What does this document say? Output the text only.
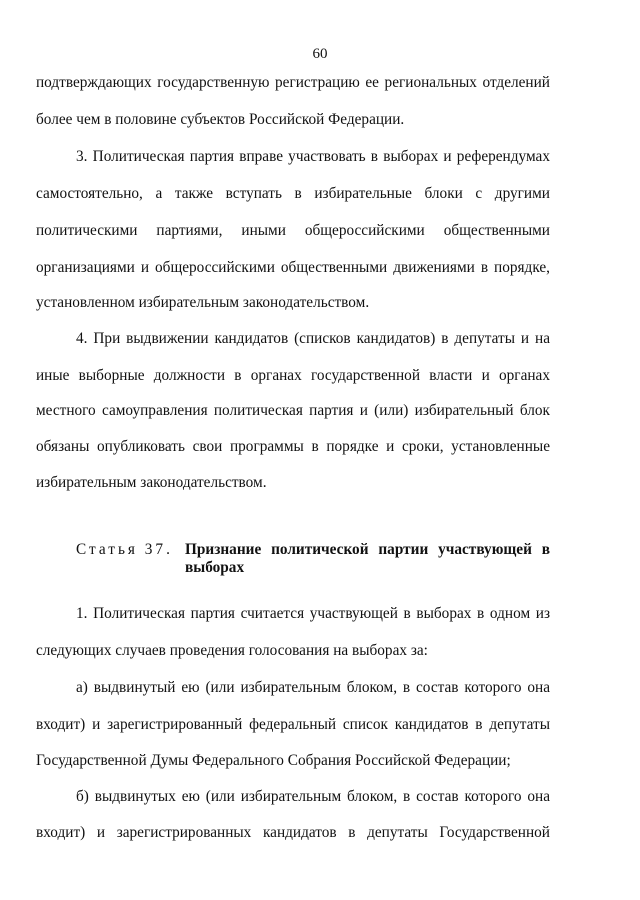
60
подтверждающих государственную регистрацию ее региональных отделений
более чем в половине субъектов Российской Федерации.
3. Политическая партия вправе участвовать в выборах и референдумах
самостоятельно, а также вступать в избирательные блоки с другими
политическими партиями, иными общероссийскими общественными
организациями и общероссийскими общественными движениями в порядке,
установленном избирательным законодательством.
4. При выдвижении кандидатов (списков кандидатов) в депутаты и на
иные выборные должности в органах государственной власти и органах
местного самоуправления политическая партия и (или) избирательный блок
обязаны опубликовать свои программы в порядке и сроки, установленные
избирательным законодательством.
Статья 37. Признание политической партии участвующей в
выборах
1. Политическая партия считается участвующей в выборах в одном из
следующих случаев проведения голосования на выборах за:
а) выдвинутый ею (или избирательным блоком, в состав которого она
входит) и зарегистрированный федеральный список кандидатов в депутаты
Государственной Думы Федерального Собрания Российской Федерации;
б) выдвинутых ею (или избирательным блоком, в состав которого она
входит) и зарегистрированных кандидатов в депутаты Государственной
